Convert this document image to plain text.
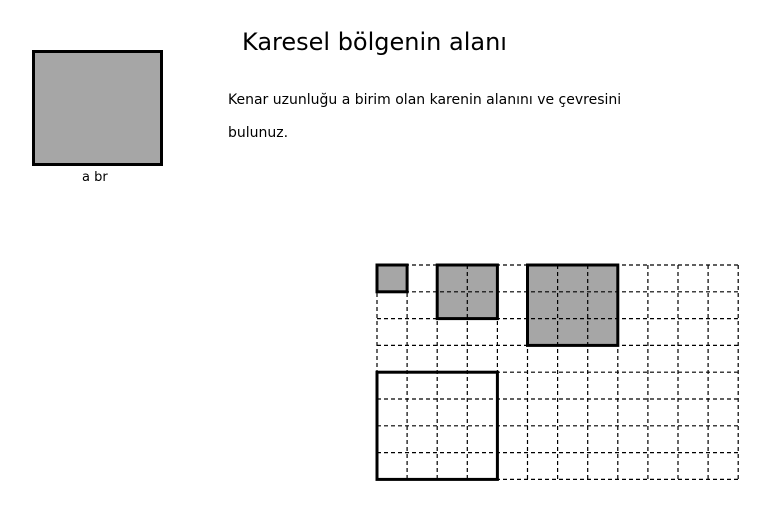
Karesel bölgenin alanı
Kenar uzunluğu a birim olan karenin alanını ve çevresini bulunuz.
a br
